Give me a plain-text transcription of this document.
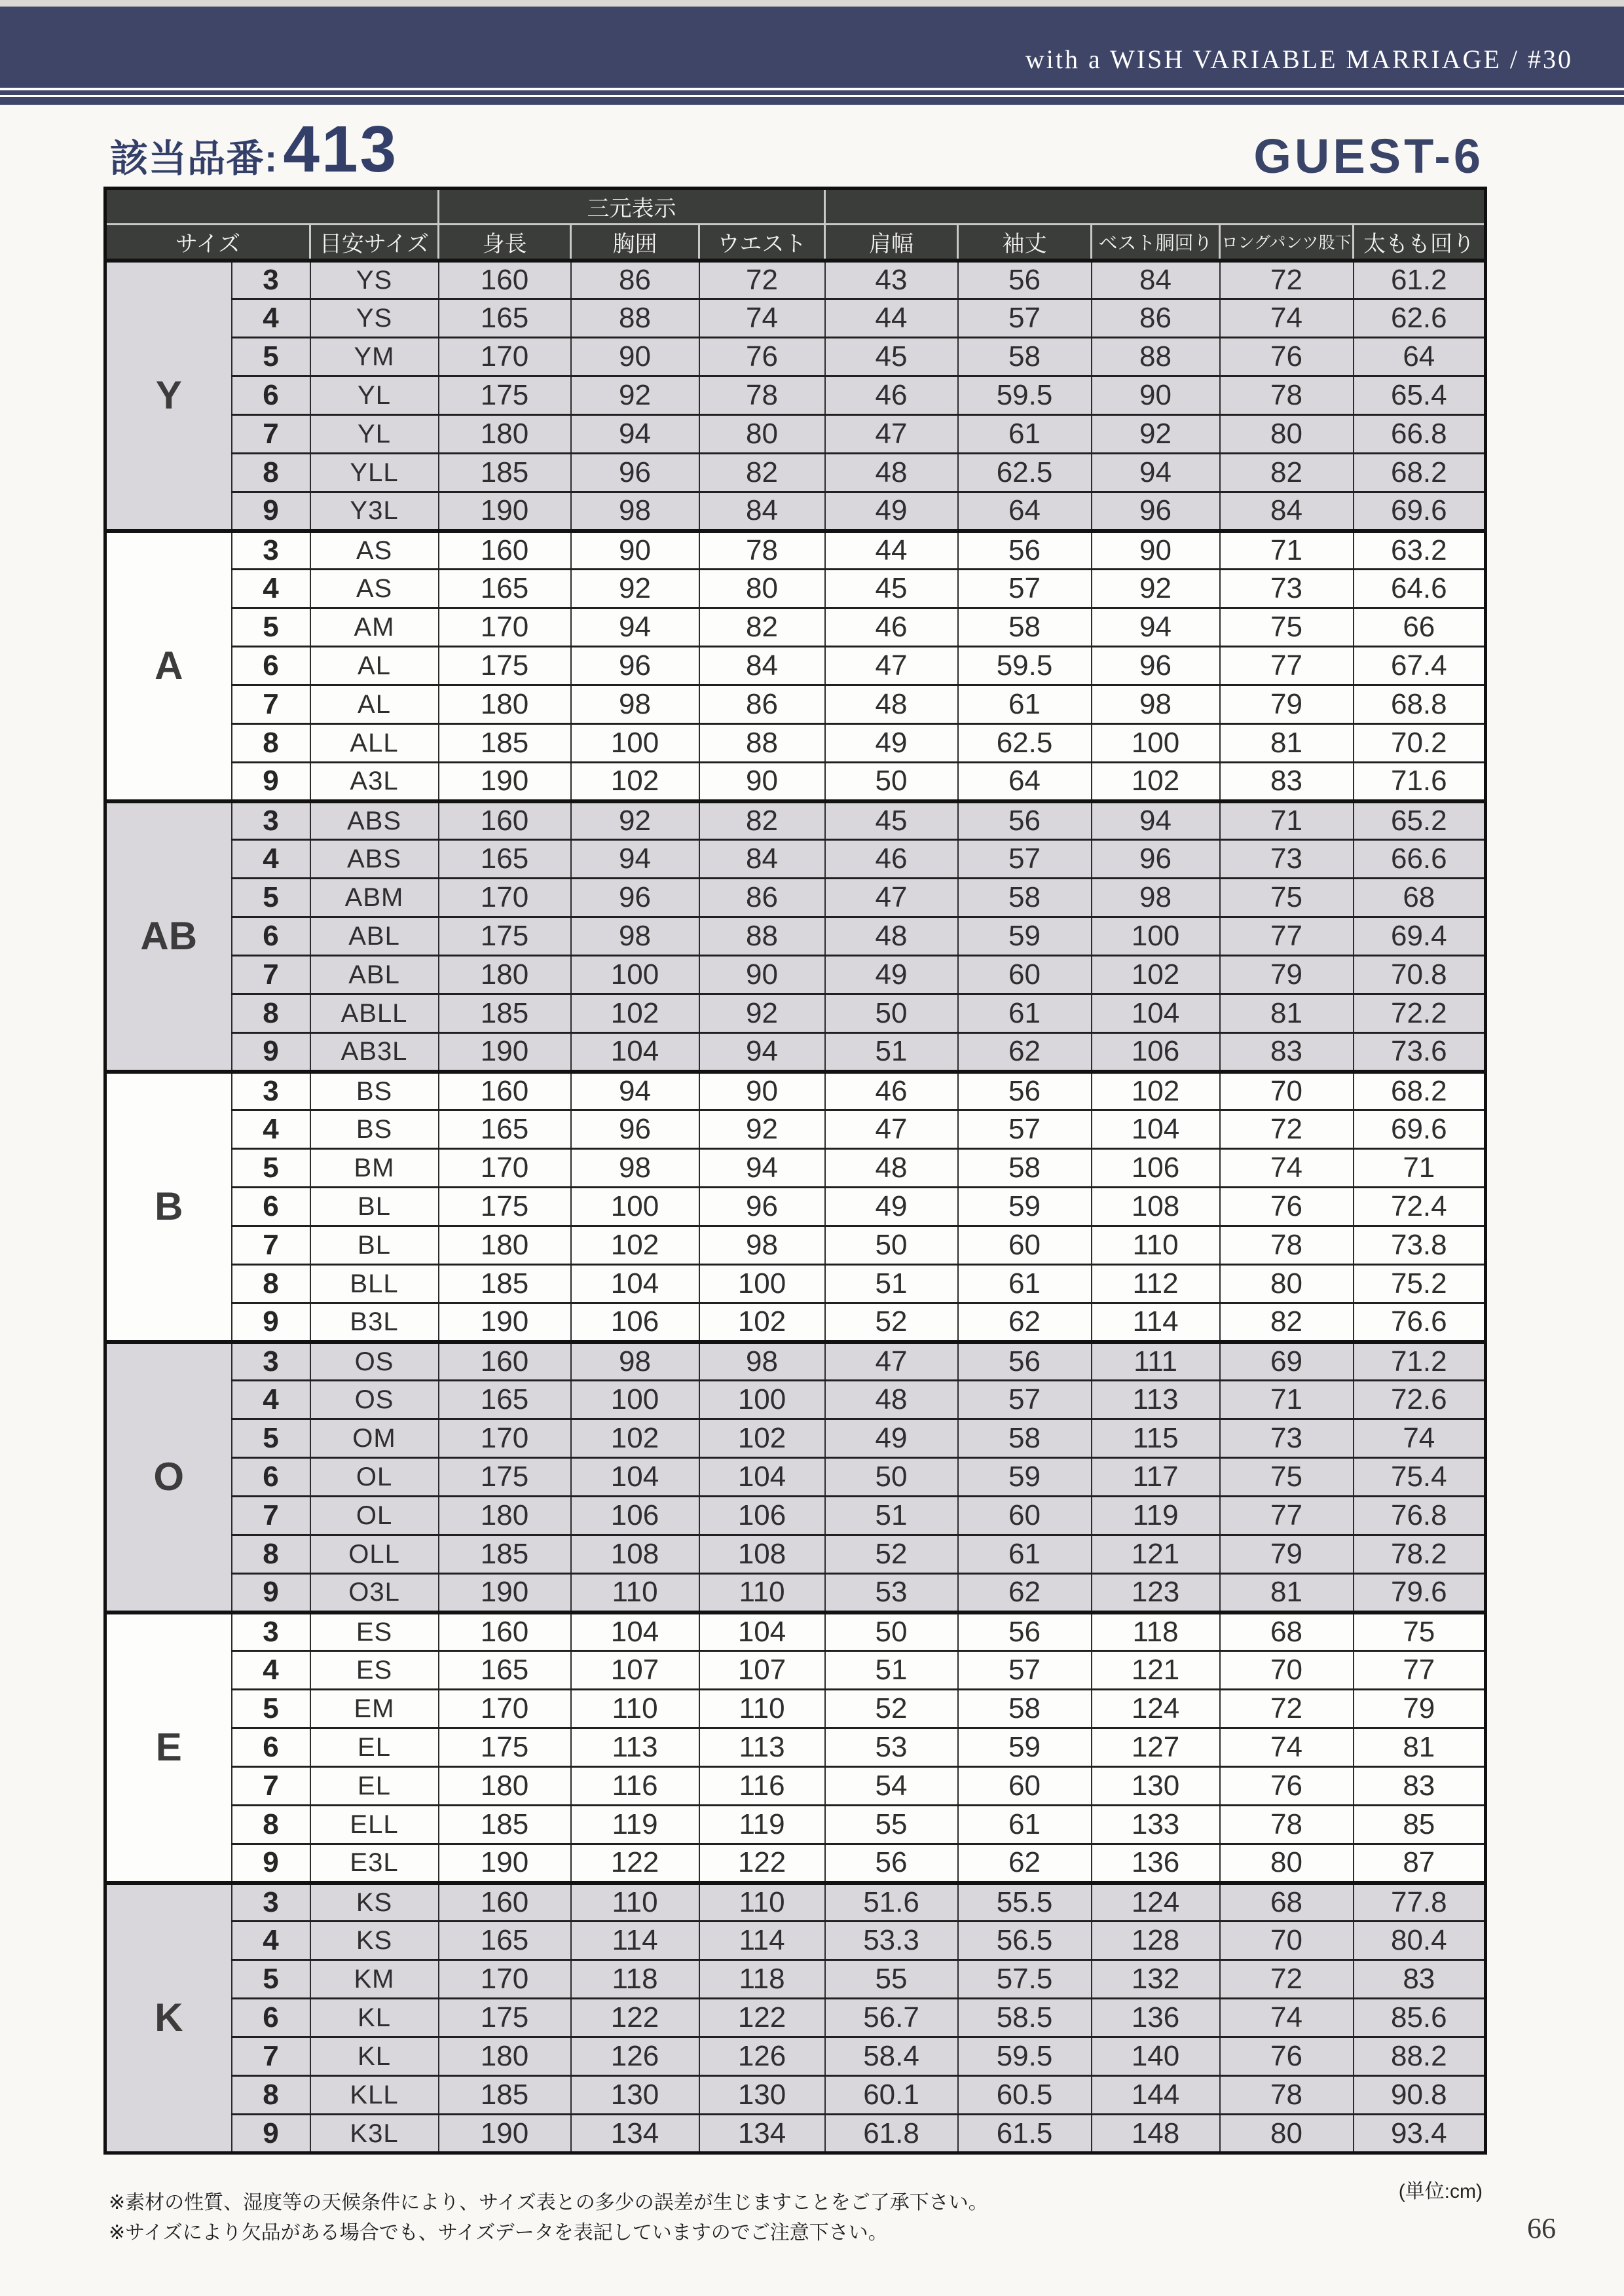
with a WISH VARIABLE MARRIAGE / #30
該当品番: 413	GUEST-6
			三元表示							
サイズ		目安サイズ	身長	胸囲	ウエスト	肩幅	袖丈	ベスト胴回り	ロングパンツ股下	太もも回り
Y	3	YS	160	86	72	43	56	84	72	61.2
	4	YS	165	88	74	44	57	86	74	62.6
	5	YM	170	90	76	45	58	88	76	64
	6	YL	175	92	78	46	59.5	90	78	65.4
	7	YL	180	94	80	47	61	92	80	66.8
	8	YLL	185	96	82	48	62.5	94	82	68.2
	9	Y3L	190	98	84	49	64	96	84	69.6
A	3	AS	160	90	78	44	56	90	71	63.2
	4	AS	165	92	80	45	57	92	73	64.6
	5	AM	170	94	82	46	58	94	75	66
	6	AL	175	96	84	47	59.5	96	77	67.4
	7	AL	180	98	86	48	61	98	79	68.8
	8	ALL	185	100	88	49	62.5	100	81	70.2
	9	A3L	190	102	90	50	64	102	83	71.6
AB	3	ABS	160	92	82	45	56	94	71	65.2
	4	ABS	165	94	84	46	57	96	73	66.6
	5	ABM	170	96	86	47	58	98	75	68
	6	ABL	175	98	88	48	59	100	77	69.4
	7	ABL	180	100	90	49	60	102	79	70.8
	8	ABLL	185	102	92	50	61	104	81	72.2
	9	AB3L	190	104	94	51	62	106	83	73.6
B	3	BS	160	94	90	46	56	102	70	68.2
	4	BS	165	96	92	47	57	104	72	69.6
	5	BM	170	98	94	48	58	106	74	71
	6	BL	175	100	96	49	59	108	76	72.4
	7	BL	180	102	98	50	60	110	78	73.8
	8	BLL	185	104	100	51	61	112	80	75.2
	9	B3L	190	106	102	52	62	114	82	76.6
O	3	OS	160	98	98	47	56	111	69	71.2
	4	OS	165	100	100	48	57	113	71	72.6
	5	OM	170	102	102	49	58	115	73	74
	6	OL	175	104	104	50	59	117	75	75.4
	7	OL	180	106	106	51	60	119	77	76.8
	8	OLL	185	108	108	52	61	121	79	78.2
	9	O3L	190	110	110	53	62	123	81	79.6
E	3	ES	160	104	104	50	56	118	68	75
	4	ES	165	107	107	51	57	121	70	77
	5	EM	170	110	110	52	58	124	72	79
	6	EL	175	113	113	53	59	127	74	81
	7	EL	180	116	116	54	60	130	76	83
	8	ELL	185	119	119	55	61	133	78	85
	9	E3L	190	122	122	56	62	136	80	87
K	3	KS	160	110	110	51.6	55.5	124	68	77.8
	4	KS	165	114	114	53.3	56.5	128	70	80.4
	5	KM	170	118	118	55	57.5	132	72	83
	6	KL	175	122	122	56.7	58.5	136	74	85.6
	7	KL	180	126	126	58.4	59.5	140	76	88.2
	8	KLL	185	130	130	60.1	60.5	144	78	90.8
	9	K3L	190	134	134	61.8	61.5	148	80	93.4
(単位:cm)
※素材の性質、湿度等の天候条件により、サイズ表との多少の誤差が生じますことをご了承下さい。
※サイズにより欠品がある場合でも、サイズデータを表記していますのでご注意下さい。	66
